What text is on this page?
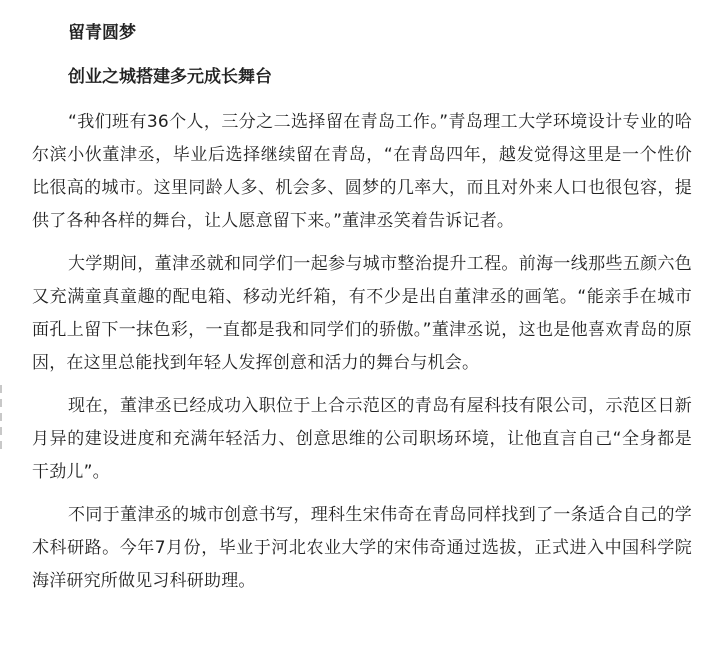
留青圆梦
创业之城搭建多元成长舞台

“我们班有36个人，三分之二选择留在青岛工作。”青岛理工大学环境设计专业的哈尔滨小伙董津丞，毕业后选择继续留在青岛，“在青岛四年，越发觉得这里是一个性价比很高的城市。这里同龄人多、机会多、圆梦的几率大，而且对外来人口也很包容，提供了各种各样的舞台，让人愿意留下来。”董津丞笑着告诉记者。

大学期间，董津丞就和同学们一起参与城市整治提升工程。前海一线那些五颜六色又充满童真童趣的配电箱、移动光纤箱，有不少是出自董津丞的画笔。“能亲手在城市面孔上留下一抹色彩，一直都是我和同学们的骄傲。”董津丞说，这也是他喜欢青岛的原因，在这里总能找到年轻人发挥创意和活力的舞台与机会。

现在，董津丞已经成功入职位于上合示范区的青岛有屋科技有限公司，示范区日新月异的建设进度和充满年轻活力、创意思维的公司职场环境，让他直言自己“全身都是干劲儿”。

不同于董津丞的城市创意书写，理科生宋伟奇在青岛同样找到了一条适合自己的学术科研路。今年7月份，毕业于河北农业大学的宋伟奇通过选拔，正式进入中国科学院海洋研究所做见习科研助理。
